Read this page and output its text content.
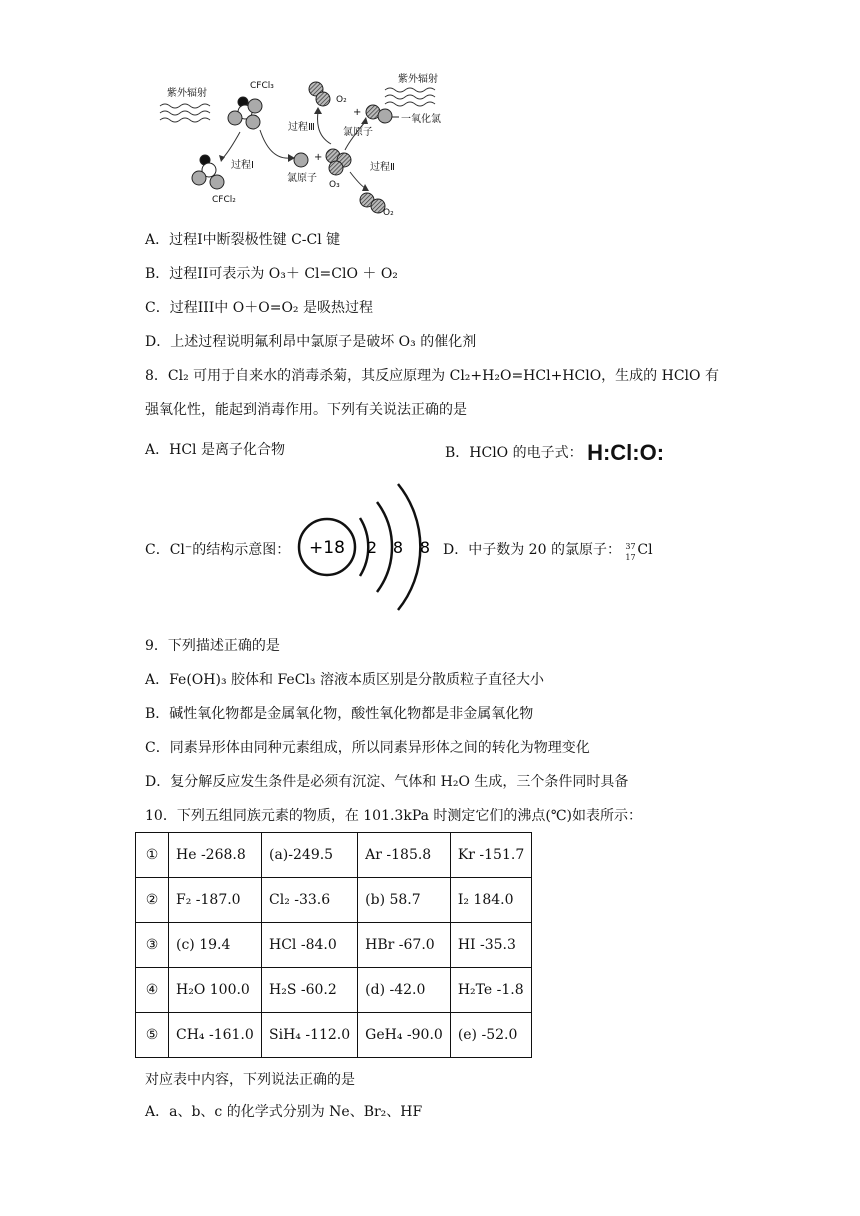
紫外辐射
CFCl₃
过程Ⅰ
CFCl₂
+
氯原子
O₃
O₂
+
氯原子
过程Ⅲ
一氧化氯
紫外辐射
过程Ⅱ
O₂
A．过程I中断裂极性键 C-Cl 键
B．过程II可表示为 O₃＋ Cl=ClO ＋ O₂
C．过程III中 O＋O=O₂ 是吸热过程
D．上述过程说明氟利昂中氯原子是破坏 O₃ 的催化剂
8．Cl₂ 可用于自来水的消毒杀菊，其反应原理为 Cl₂+H₂O=HCl+HClO，生成的 HClO 有
强氧化性，能起到消毒作用。下列有关说法正确的是
A．HCl 是离子化合物	B．HClO 的电子式： H:Cl:O:
C．Cl⁻的结构示意图： +18 2 8 8 D．中子数为 20 的氯原子： 37
17 Cl
9．下列描述正确的是
A．Fe(OH)₃ 胶体和 FeCl₃ 溶液本质区别是分散质粒子直径大小
B．碱性氧化物都是金属氧化物，酸性氧化物都是非金属氧化物
C．同素异形体由同种元素组成，所以同素异形体之间的转化为物理变化
D．复分解反应发生条件是必须有沉淀、气体和 H₂O 生成，三个条件同时具备
10．下列五组同族元素的物质，在 101.3kPa 时测定它们的沸点(℃)如表所示：
①	He -268.8	(a)-249.5	Ar -185.8	Kr -151.7
②	F₂ -187.0	Cl₂ -33.6	(b) 58.7	I₂ 184.0
③	(c) 19.4	HCl -84.0	HBr -67.0	HI -35.3
④	H₂O 100.0	H₂S -60.2	(d) -42.0	H₂Te -1.8
⑤	CH₄ -161.0	SiH₄ -112.0	GeH₄ -90.0	(e) -52.0
对应表中内容，下列说法正确的是
A．a、b、c 的化学式分别为 Ne、Br₂、HF
